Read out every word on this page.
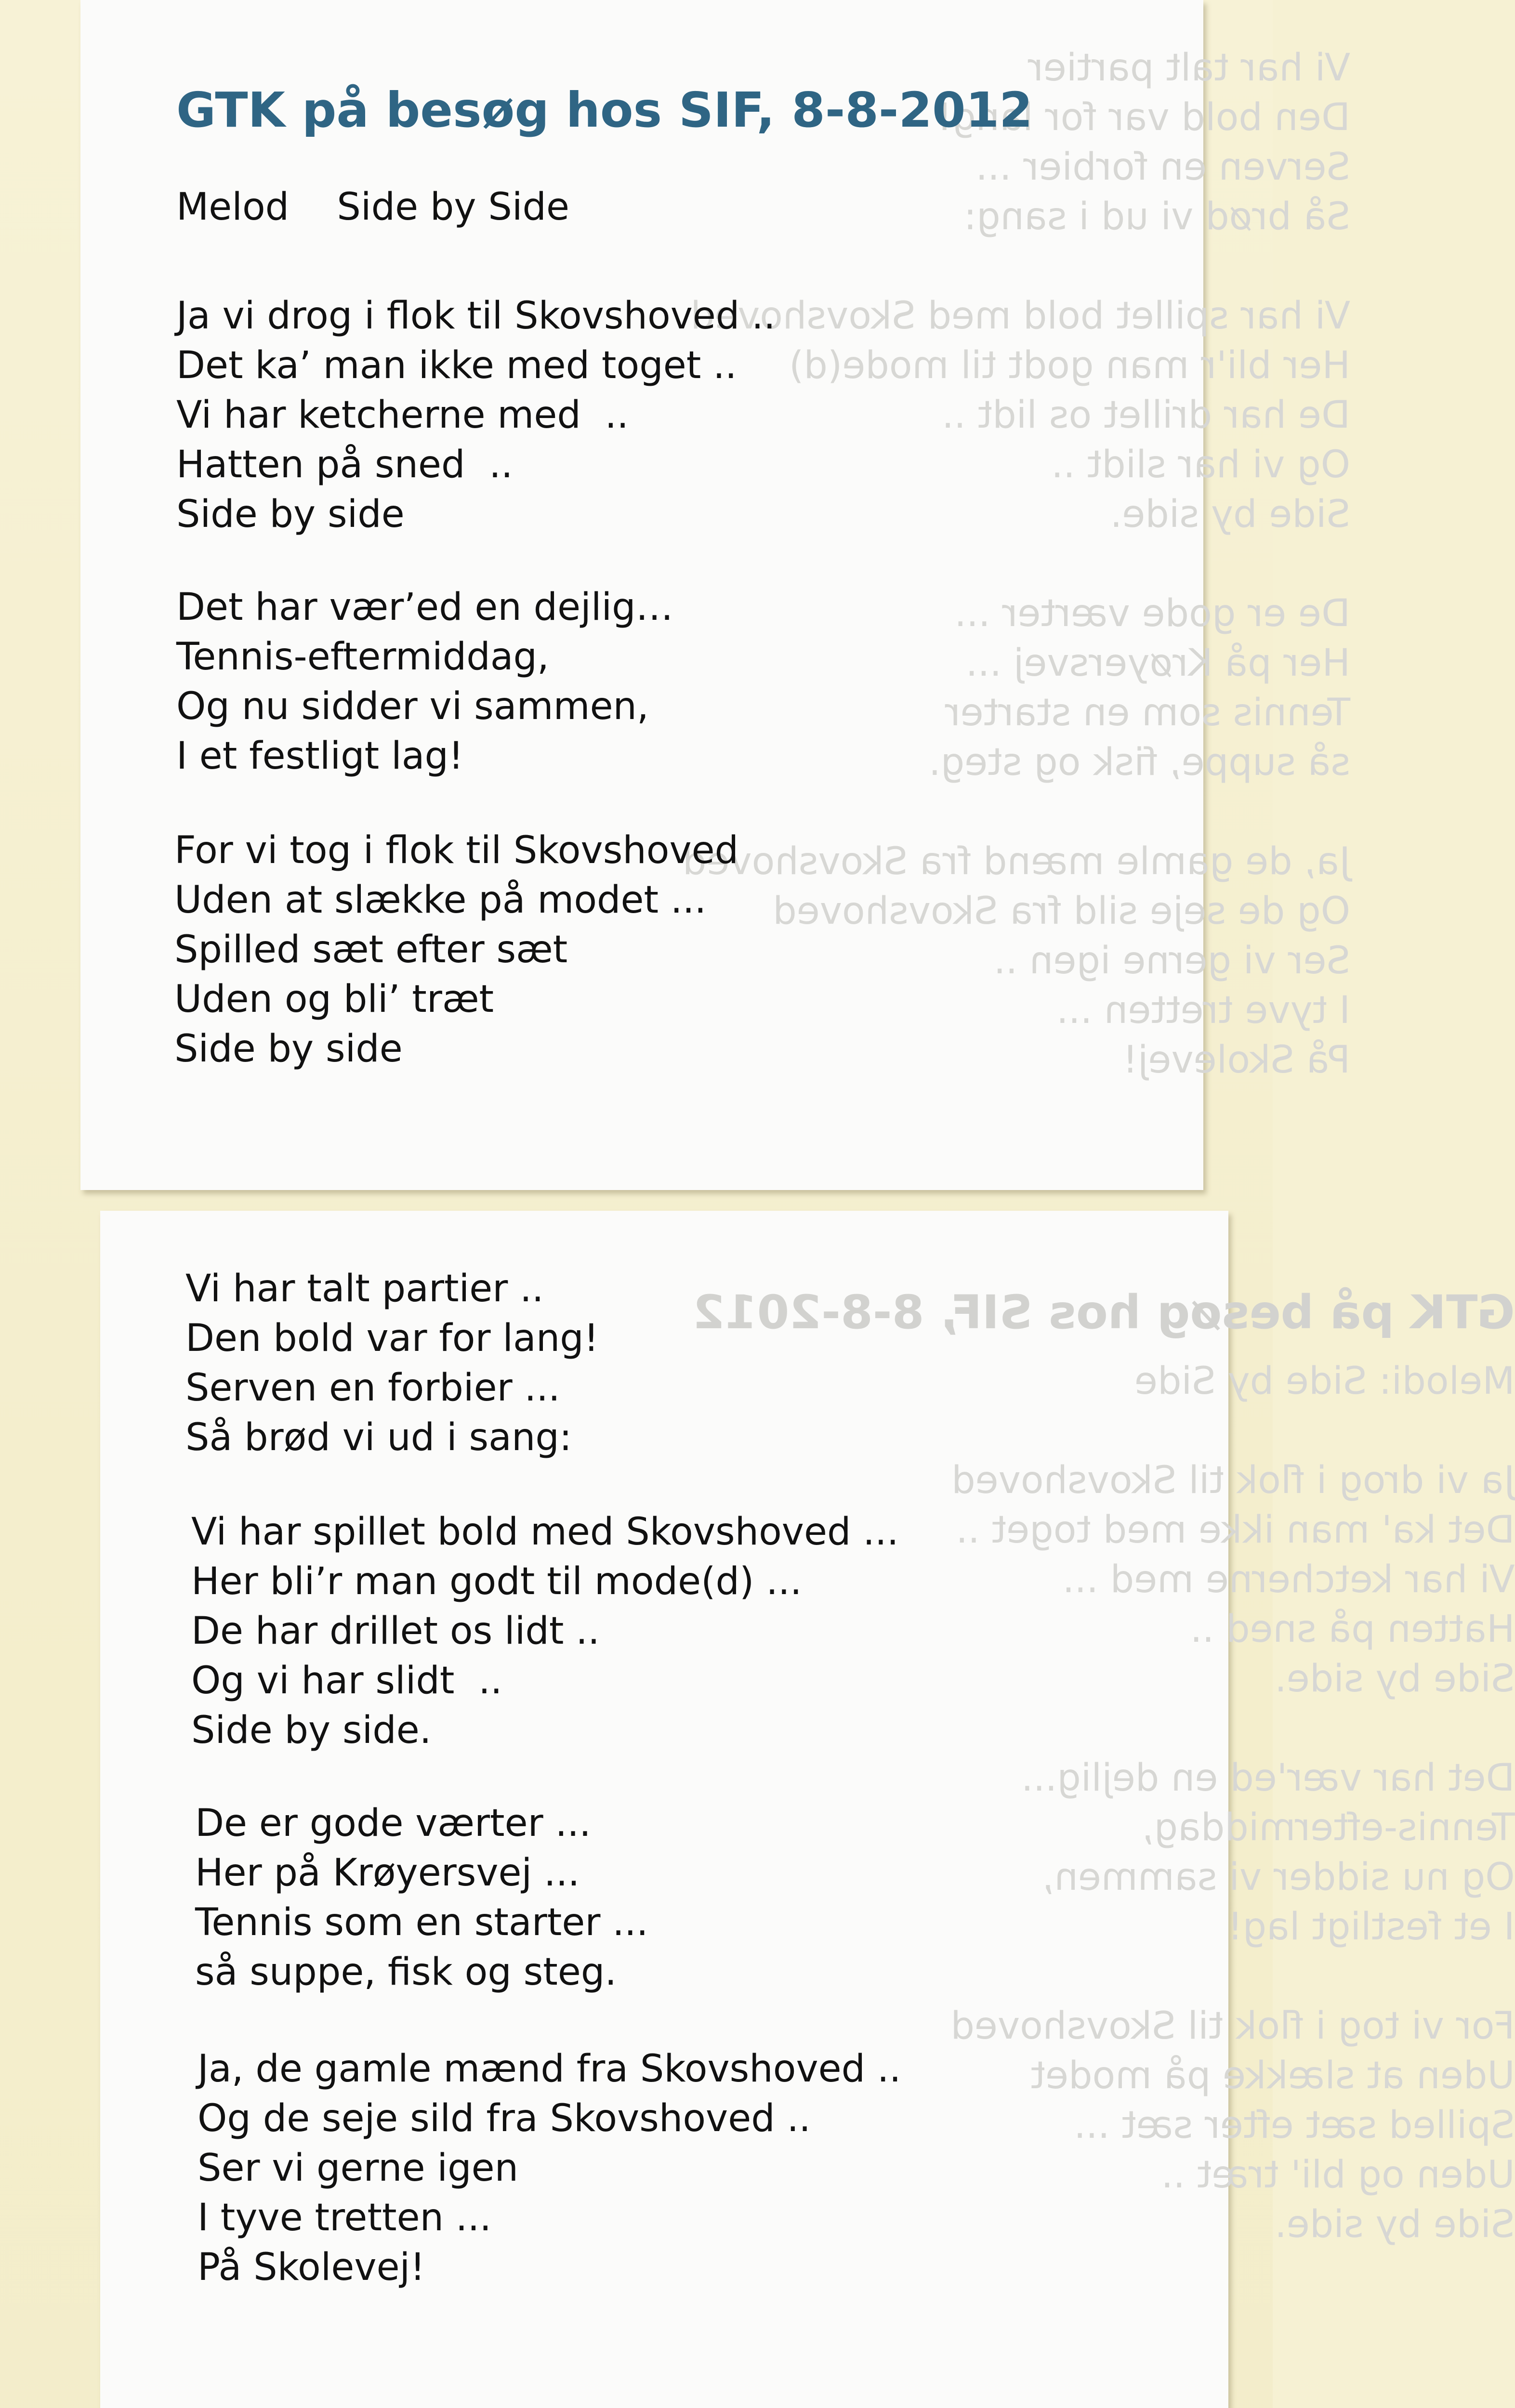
Vi har talt partier
Den bold var for lang!
Serven en forbier ...
Så brød vi ud i sang:

Vi har spillet bold med Skovshoved
Her bli'r man godt til mode(d)
De har drillet os lidt ..
Og vi har slidt ..
Side by side.

De er gode værter ...
Her på Krøyersvej ...
Tennis som en starter
så suppe, fisk og steg.

Ja, de gamle mænd fra Skovshoved
Og de seje sild fra Skovshoved
Ser vi gerne igen ..
I tyve tretten ...
På Skolevej!
GTK på besøg hos SIF, 8-8-2012
Melod Side by Side
Ja vi drog i flok til Skovshoved ..
Det ka’ man ikke med toget ..
Vi har ketcherne med  ..
Hatten på sned  ..
Side by side
Det har vær’ed en dejlig…
Tennis-eftermiddag,
Og nu sidder vi sammen,
I et festligt lag!
For vi tog i flok til Skovshoved
Uden at slække på modet ...
Spilled sæt efter sæt
Uden og bli’ træt
Side by side
GTK på besøg hos SIF, 8-8-2012
Melodi: Side by Side

Ja vi drog i flok til Skovshoved
Det ka' man ikke med toget ..
Vi har ketcherne med ...
Hatten på sned ..
Side by side.

Det har vær'ed en dejlig...
Tennis-eftermiddag,
Og nu sidder vi sammen,
I et festligt lag!

For vi tog i flok til Skovshoved
Uden at slække på modet
Spilled sæt efter sæt ...
Uden og bli' træt ..
Side by side.
Vi har talt partier ..
Den bold var for lang!
Serven en forbier ...
Så brød vi ud i sang:
Vi har spillet bold med Skovshoved ...
Her bli’r man godt til mode(d) ...
De har drillet os lidt ..
Og vi har slidt  ..
Side by side.
De er gode værter ...
Her på Krøyersvej ...
Tennis som en starter ...
så suppe, fisk og steg.
Ja, de gamle mænd fra Skovshoved ..
Og de seje sild fra Skovshoved ..
Ser vi gerne igen
I tyve tretten ...
På Skolevej!
